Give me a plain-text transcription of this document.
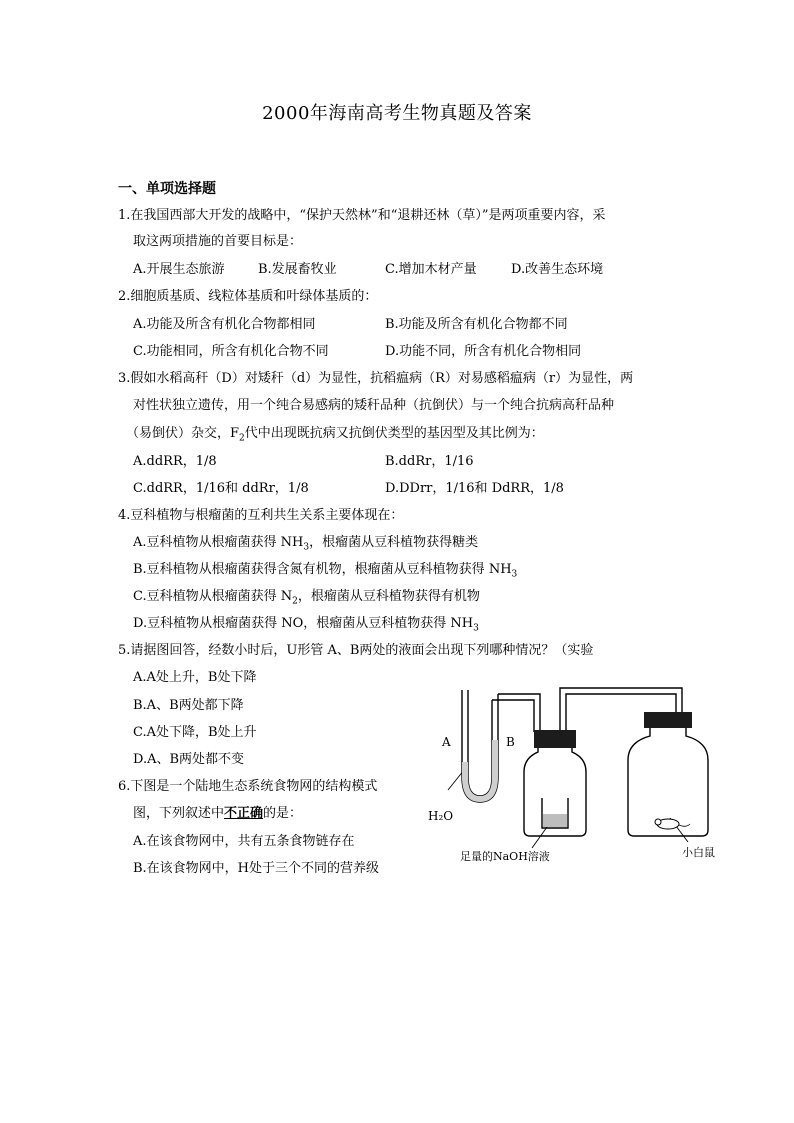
2000年海南高考生物真题及答案
一、单项选择题
1.在我国西部大开发的战略中，“保护天然林”和“退耕还林（草）”是两项重要内容，采
取这两项措施的首要目标是：
A.开展生态旅游	B.发展畜牧业	C.增加木材产量	D.改善生态环境
2.细胞质基质、线粒体基质和叶绿体基质的：
A.功能及所含有机化合物都相同	B.功能及所含有机化合物都不同
C.功能相同，所含有机化合物不同	D.功能不同，所含有机化合物相同
3.假如水稻高秆（D）对矮秆（d）为显性，抗稻瘟病（R）对易感稻瘟病（r）为显性，两
对性状独立遗传，用一个纯合易感病的矮秆品种（抗倒伏）与一个纯合抗病高秆品种
（易倒伏）杂交，$F_2$代中出现既抗病又抗倒伏类型的基因型及其比例为：
A.ddRR，1/8	B.ddRr，1/16
C.ddRR，1/16和 ddRr，1/8	D.DDrr，1/16和 DdRR，1/8
4.豆科植物与根瘤菌的互利共生关系主要体现在：
A.豆科植物从根瘤菌获得 $NH_3$，根瘤菌从豆科植物获得糖类
B.豆科植物从根瘤菌获得含氮有机物，根瘤菌从豆科植物获得 $NH_3$
C.豆科植物从根瘤菌获得 $N_2$，根瘤菌从豆科植物获得有机物
D.豆科植物从根瘤菌获得 NO，根瘤菌从豆科植物获得 $NH_3$
5.请据图回答，经数小时后，U形管 A、B两处的液面会出现下列哪种情况？（实验
A.A处上升，B处下降
B.A、B两处都下降
C.A处下降，B处上升
D.A、B两处都不变
6.下图是一个陆地生态系统食物网的结构模式
图，下列叙述中不正确的是：
A.在该食物网中，共有五条食物链存在
B.在该食物网中，H处于三个不同的营养级
A	B
H₂O
足量的NaOH溶液	小白鼠
